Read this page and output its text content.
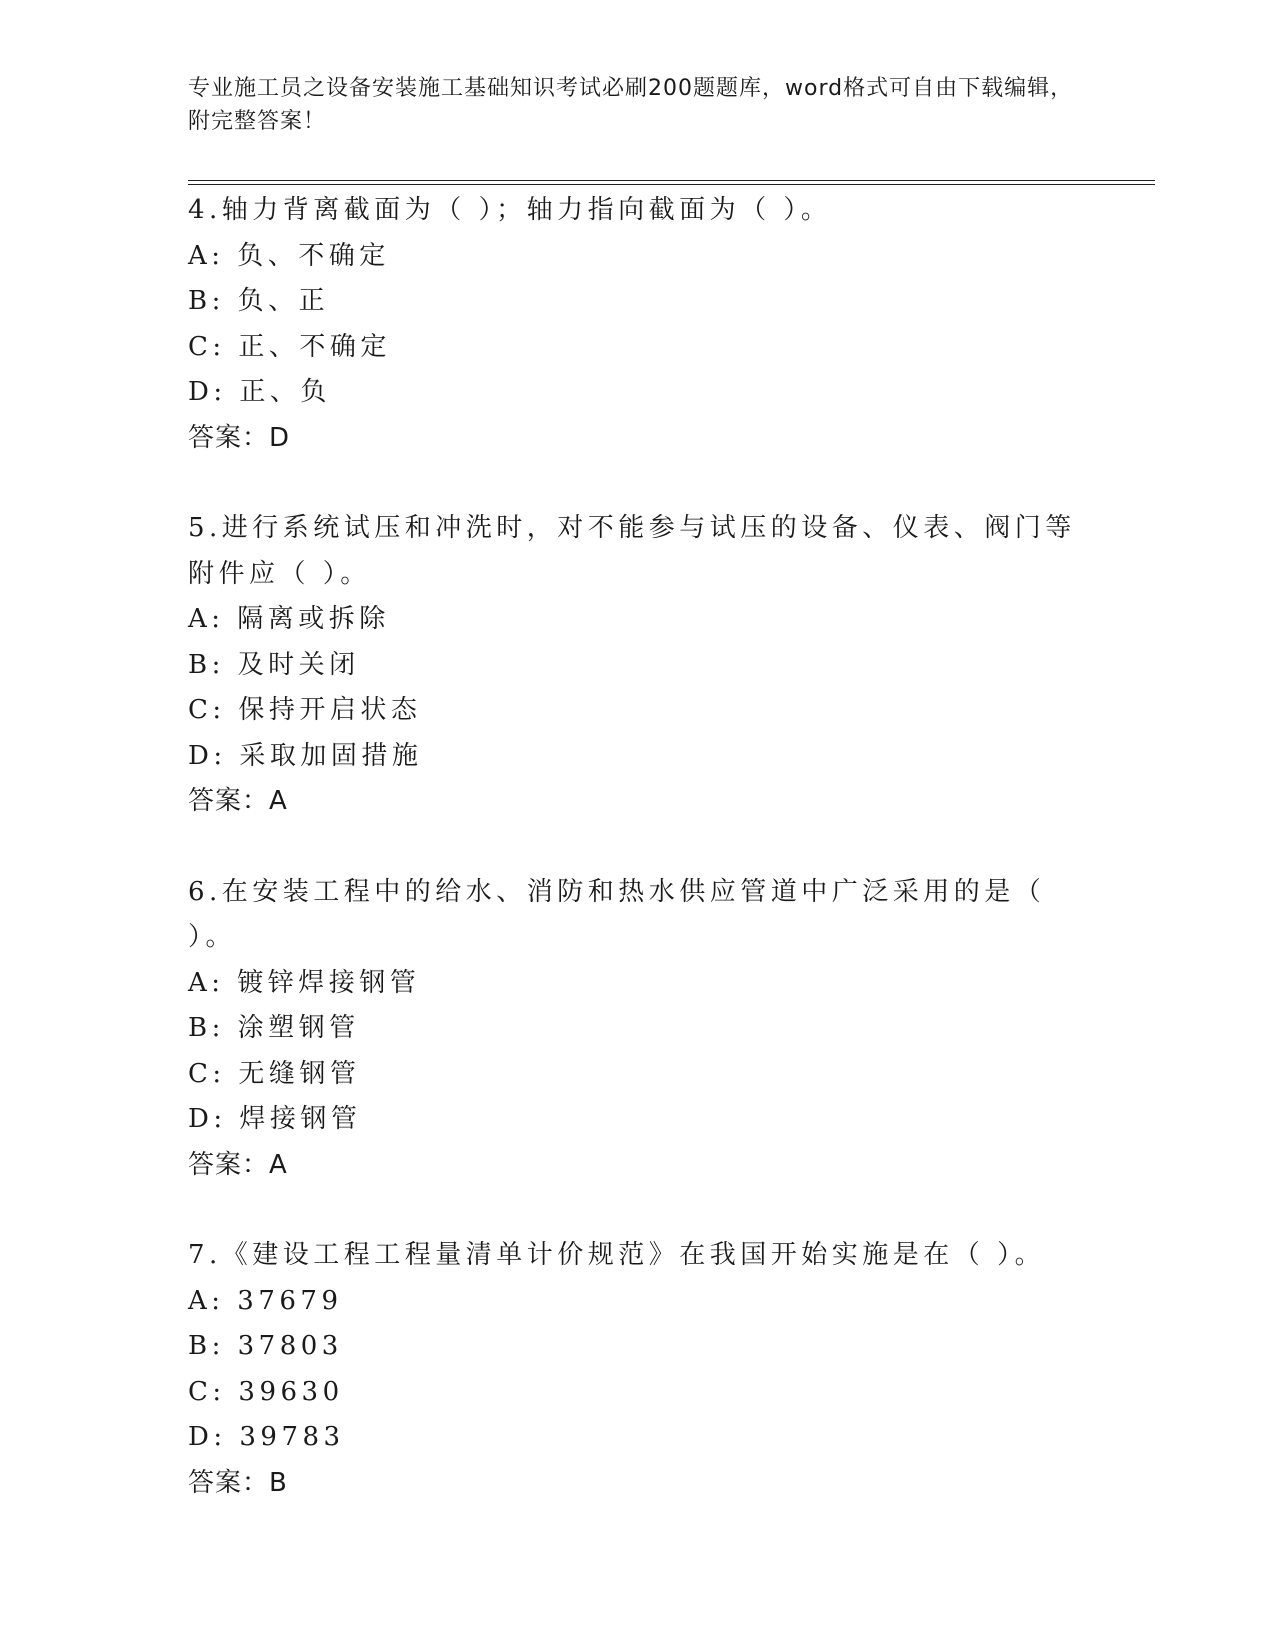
专业施工员之设备安装施工基础知识考试必刷200题题库，word格式可自由下载编辑，附完整答案！
4.轴力背离截面为（ ）；轴力指向截面为（ ）。
A: 负、不确定
B: 负、正
C: 正、不确定
D: 正、负
答案：D
5.进行系统试压和冲洗时，对不能参与试压的设备、仪表、阀门等附件应（ ）。
A: 隔离或拆除
B: 及时关闭
C: 保持开启状态
D: 采取加固措施
答案：A
6.在安装工程中的给水、消防和热水供应管道中广泛采用的是（ ）。
A: 镀锌焊接钢管
B: 涂塑钢管
C: 无缝钢管
D: 焊接钢管
答案：A
7.《建设工程工程量清单计价规范》在我国开始实施是在（ ）。
A: 37679
B: 37803
C: 39630
D: 39783
答案：B
